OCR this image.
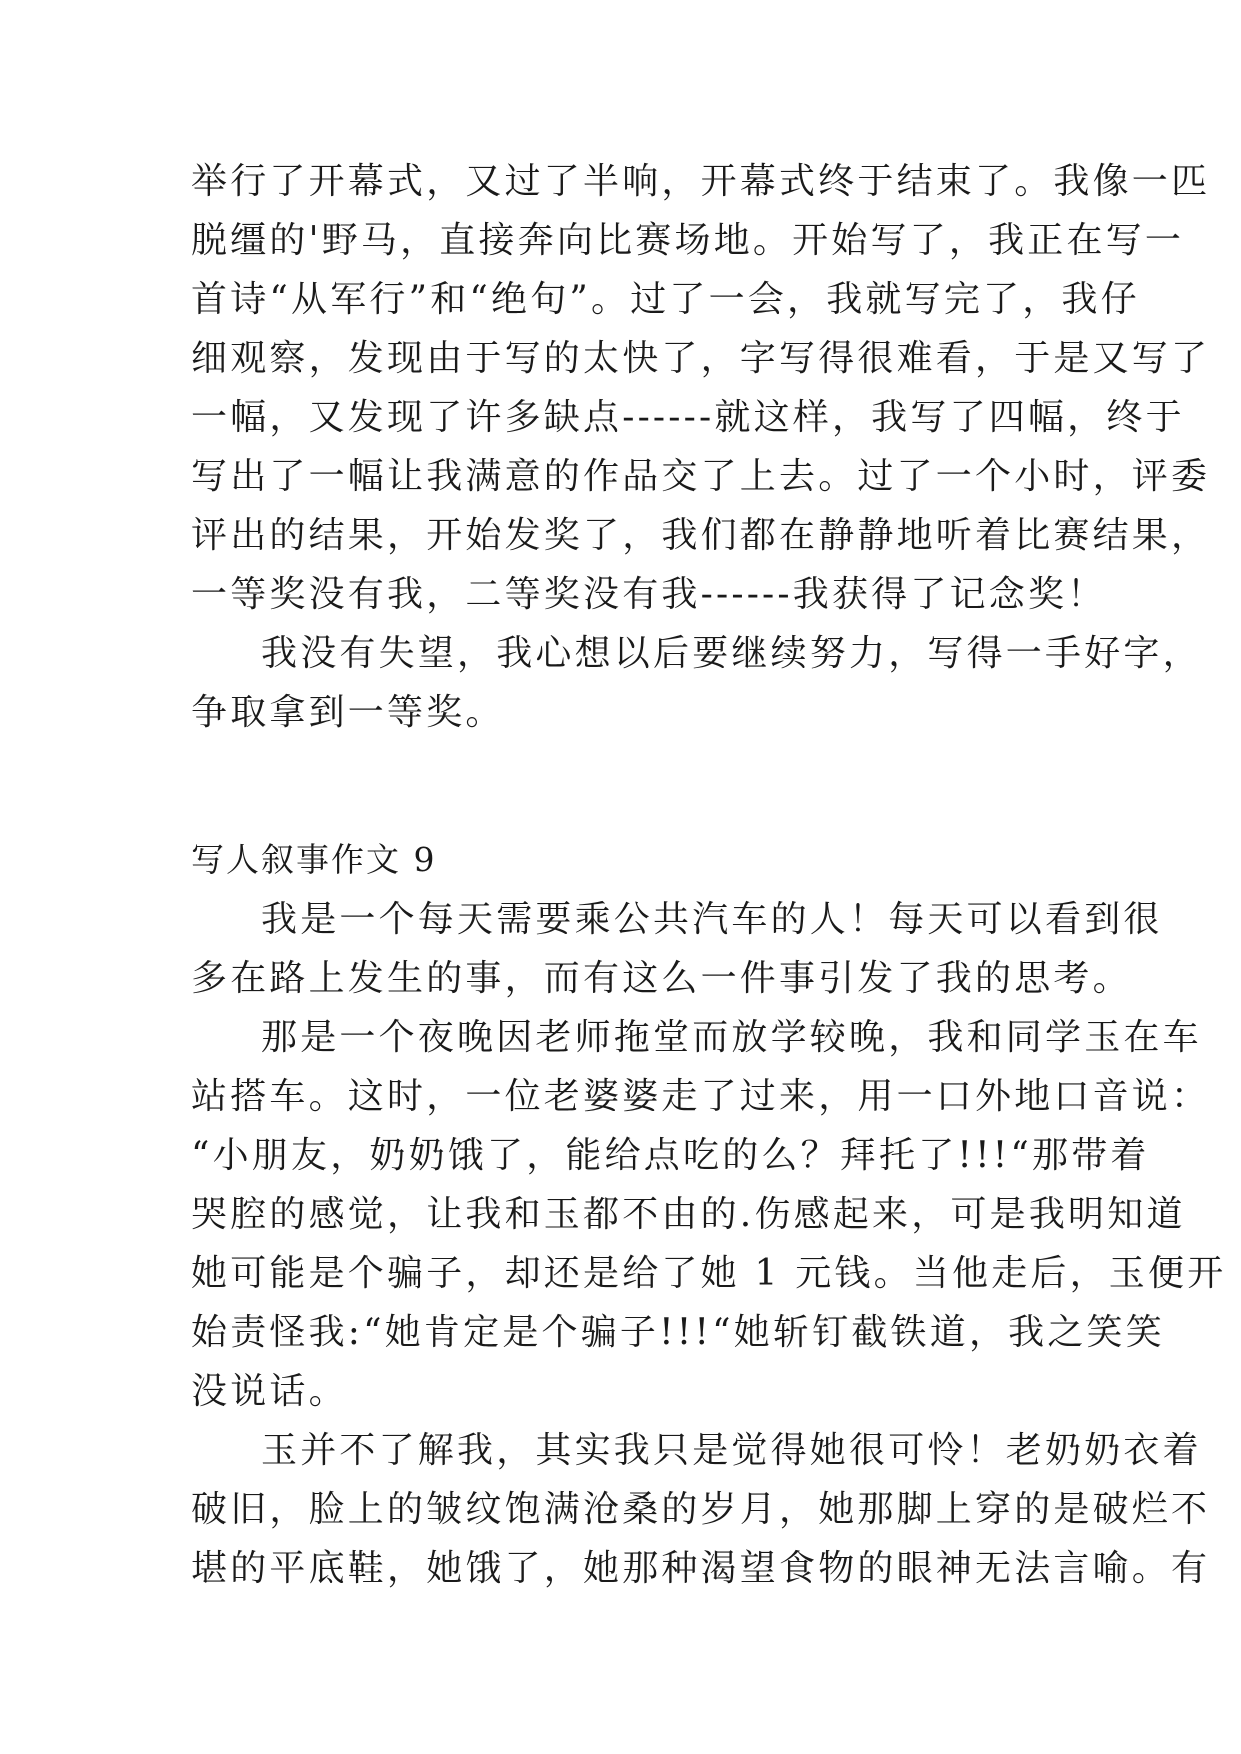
举行了开幕式，又过了半响，开幕式终于结束了。我像一匹
脱缰的'野马，直接奔向比赛场地。开始写了，我正在写一
首诗“从军行”和“绝句”。过了一会，我就写完了，我仔
细观察，发现由于写的太快了，字写得很难看，于是又写了
一幅，又发现了许多缺点------就这样，我写了四幅，终于
写出了一幅让我满意的作品交了上去。过了一个小时，评委
评出的结果，开始发奖了，我们都在静静地听着比赛结果，
一等奖没有我，二等奖没有我------我获得了记念奖！
我没有失望，我心想以后要继续努力，写得一手好字，
争取拿到一等奖。
写人叙事作文 9
我是一个每天需要乘公共汽车的人！每天可以看到很
多在路上发生的事，而有这么一件事引发了我的思考。
那是一个夜晚因老师拖堂而放学较晚，我和同学玉在车
站搭车。这时，一位老婆婆走了过来，用一口外地口音说：
“小朋友，奶奶饿了，能给点吃的么？拜托了!!!“那带着
哭腔的感觉，让我和玉都不由的.伤感起来，可是我明知道
她可能是个骗子，却还是给了她 1 元钱。当他走后，玉便开
始责怪我:“她肯定是个骗子!!!“她斩钉截铁道，我之笑笑
没说话。
玉并不了解我，其实我只是觉得她很可怜！老奶奶衣着
破旧，脸上的皱纹饱满沧桑的岁月，她那脚上穿的是破烂不
堪的平底鞋，她饿了，她那种渴望食物的眼神无法言喻。有
